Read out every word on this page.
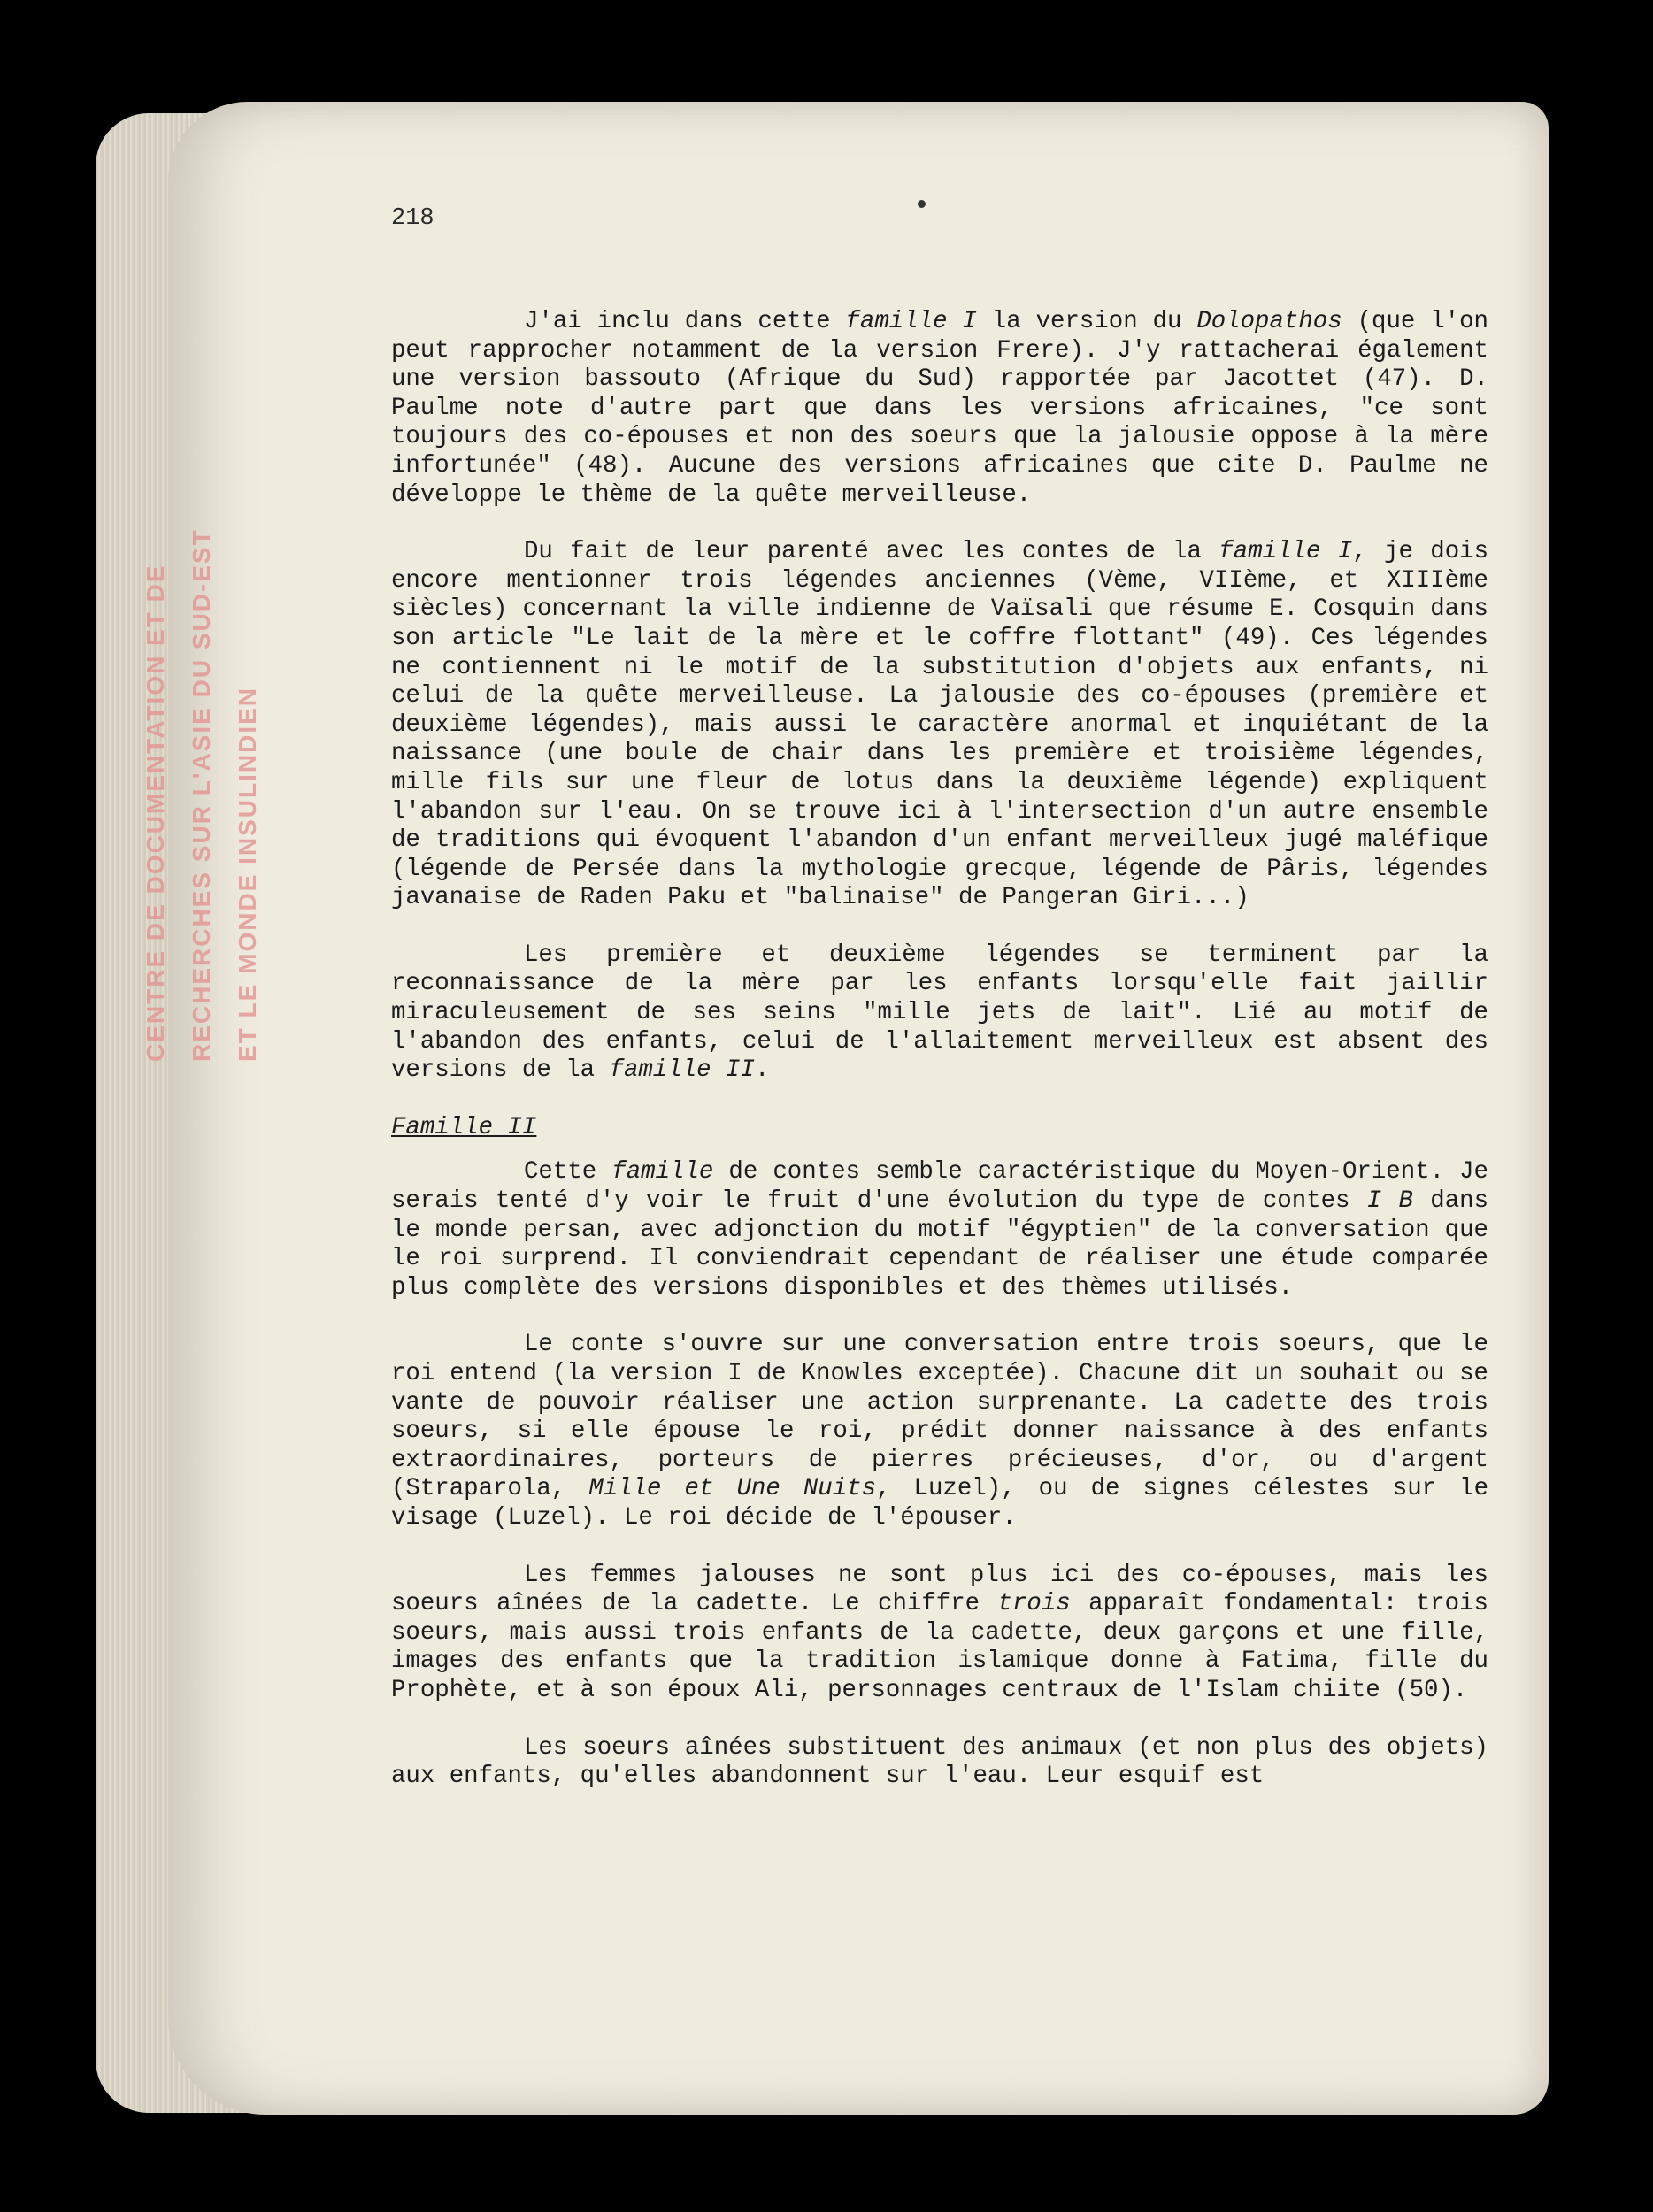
CENTRE DE DOCUMENTATION ET DE RECHERCHES SUR L'ASIE DU SUD-EST ET LE MONDE INSULINDIEN
218

J'ai inclu dans cette famille I la version du Dolopathos (que l'on peut rapprocher notamment de la version Frere). J'y rattacherai également une version bassouto (Afrique du Sud) rapportée par Jacottet (47). D. Paulme note d'autre part que dans les versions africaines, "ce sont toujours des co-épouses et non des soeurs que la jalousie oppose à la mère infortunée" (48). Aucune des versions africaines que cite D. Paulme ne développe le thème de la quête merveilleuse.

Du fait de leur parenté avec les contes de la famille I, je dois encore mentionner trois légendes anciennes (Vème, VIIème, et XIIIème siècles) concernant la ville indienne de Vaïsali que résume E. Cosquin dans son article "Le lait de la mère et le coffre flottant" (49). Ces légendes ne contiennent ni le motif de la substitution d'objets aux enfants, ni celui de la quête merveilleuse. La jalousie des co-épouses (première et deuxième légendes), mais aussi le caractère anormal et inquiétant de la naissance (une boule de chair dans les première et troisième légendes, mille fils sur une fleur de lotus dans la deuxième légende) expliquent l'abandon sur l'eau. On se trouve ici à l'intersection d'un autre ensemble de traditions qui évoquent l'abandon d'un enfant merveilleux jugé maléfique (légende de Persée dans la mythologie grecque, légende de Pâris, légendes javanaise de Raden Paku et "balinaise" de Pangeran Giri...)

Les première et deuxième légendes se terminent par la reconnaissance de la mère par les enfants lorsqu'elle fait jaillir miraculeusement de ses seins "mille jets de lait". Lié au motif de l'abandon des enfants, celui de l'allaitement merveilleux est absent des versions de la famille II.

Famille II

Cette famille de contes semble caractéristique du Moyen-Orient. Je serais tenté d'y voir le fruit d'une évolution du type de contes I B dans le monde persan, avec adjonction du motif "égyptien" de la conversation que le roi surprend. Il conviendrait cependant de réaliser une étude comparée plus complète des versions disponibles et des thèmes utilisés.

Le conte s'ouvre sur une conversation entre trois soeurs, que le roi entend (la version I de Knowles exceptée). Chacune dit un souhait ou se vante de pouvoir réaliser une action surprenante. La cadette des trois soeurs, si elle épouse le roi, prédit donner naissance à des enfants extraordinaires, porteurs de pierres précieuses, d'or, ou d'argent (Straparola, Mille et Une Nuits, Luzel), ou de signes célestes sur le visage (Luzel). Le roi décide de l'épouser.

Les femmes jalouses ne sont plus ici des co-épouses, mais les soeurs aînées de la cadette. Le chiffre trois apparaît fondamental: trois soeurs, mais aussi trois enfants de la cadette, deux garçons et une fille, images des enfants que la tradition islamique donne à Fatima, fille du Prophète, et à son époux Ali, personnages centraux de l'Islam chiite (50).

Les soeurs aînées substituent des animaux (et non plus des objets) aux enfants, qu'elles abandonnent sur l'eau. Leur esquif est
